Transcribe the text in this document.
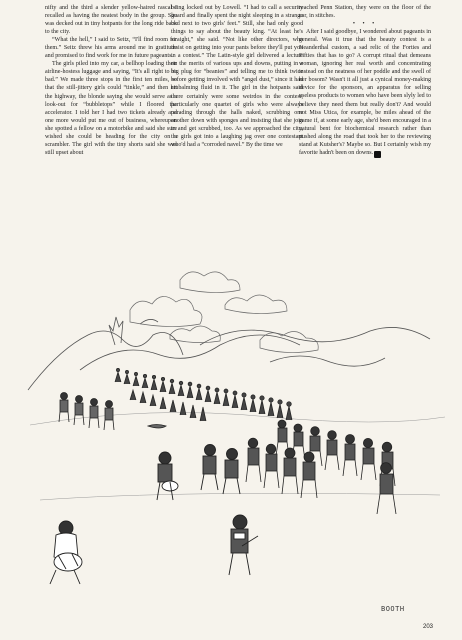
nifty and the third a slender yellow-haired rascal I recalled as having the neatest body in the group. She was decked out in tiny hotpants for the long ride back to the city.

“What the hell,” I said to Seitz, “I'll find room for them.” Seitz threw his arms around me in gratitude and promised to find work for me in future pageants.

The girls piled into my car, a bellhop loading their airline-hostess luggage and saying, “It's all right to be bad.” We made three stops in the first ten miles, so that the still-jittery girls could “tinkle,” and then hit the highway, the blonde saying she would serve as a look-out for “bubbletops” while I floored the accelerator. I told her I had two tickets already and one more would put me out of business, whereupon she spotted a fellow on a motorbike and said she sure wished she could be heading for the city on a scrambler. The girl with the tiny shorts said she was still upset about

being locked out by Lowell. “I had to call a security guard and finally spent the night sleeping in a strange bed next to two girls' feet.” Still, she had only good things to say about the beauty king. “At least he's straight,” she said. “Not like other directors, who insist on getting into your pants before they'll put you in a contest.” The Latin-style girl delivered a lecture on the merits of various ups and downs, putting in a big plug for “beanies” and telling me to think twice before getting involved with “angel dust,” since it had embalming fluid in it. The girl in the hotpants said there certainly were some weirdos in the contest, particularly one quartet of girls who were always parading through the halls naked, scrubbing one another down with sponges and insisting that she join in and get scrubbed, too. As we approached the city, the girls got into a laughing jag over one contestant who'd had a “corroded navel.” By the time we

reached Penn Station, they were on the floor of the car, in stitches.

• • •

After I said goodbye, I wondered about pageants in general. Was it true that the beauty contest is a Neanderthal custom, a sad relic of the Forties and Fifties that has to go? A corrupt ritual that demeans woman, ignoring her real worth and concentrating instead on the neatness of her poddle and the swell of her bosom? Wasn't it all just a cynical money-making device for the sponsors, an apparatus for selling useless products to women who have been slyly led to believe they need them but really don't? And would not Miss Utica, for example, be miles ahead of the game if, at some early age, she'd been encouraged in a natural bent for biochemical research rather than pushed along the road that took her to the reviewing stand at Kutsher's? Maybe so. But I certainly wish my favorite hadn't been on downs. ❀

BOOTH
203
